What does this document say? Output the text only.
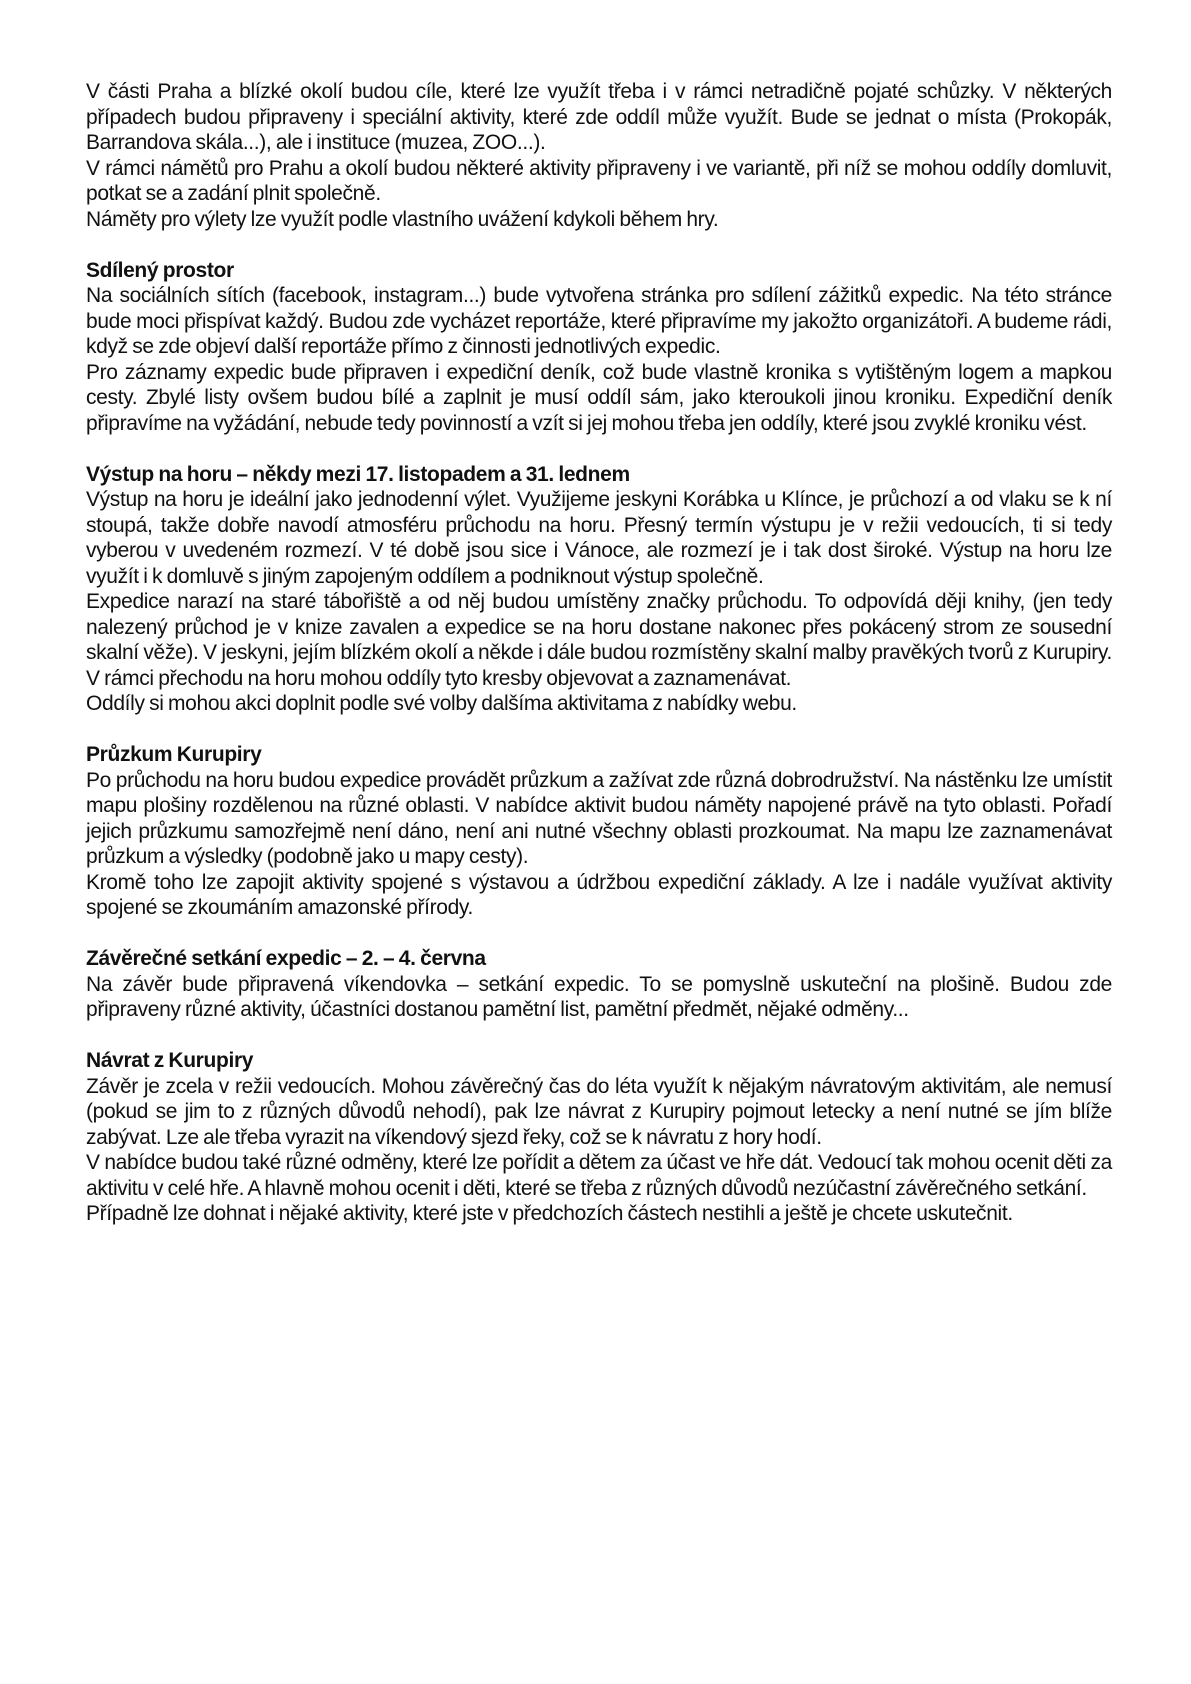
V části Praha a blízké okolí budou cíle, které lze využít třeba i v rámci netradičně pojaté schůzky. V některých případech budou připraveny i speciální aktivity, které zde oddíl může využít. Bude se jednat o místa (Prokopák, Barrandova skála...), ale i instituce (muzea, ZOO...).

V rámci námětů pro Prahu a okolí budou některé aktivity připraveny i ve variantě, při níž se mohou oddíly domluvit, potkat se a zadání plnit společně.

Náměty pro výlety lze využít podle vlastního uvážení kdykoli během hry.

Sdílený prostor

Na sociálních sítích (facebook, instagram...) bude vytvořena stránka pro sdílení zážitků expedic. Na této stránce bude moci přispívat každý. Budou zde vycházet reportáže, které připravíme my jakožto organizátoři. A budeme rádi, když se zde objeví další reportáže přímo z činnosti jednotlivých expedic.

Pro záznamy expedic bude připraven i expediční deník, což bude vlastně kronika s vytištěným logem a mapkou cesty. Zbylé listy ovšem budou bílé a zaplnit je musí oddíl sám, jako kteroukoli jinou kroniku. Expediční deník připravíme na vyžádání, nebude tedy povinností a vzít si jej mohou třeba jen oddíly, které jsou zvyklé kroniku vést.

Výstup na horu – někdy mezi 17. listopadem a 31. lednem

Výstup na horu je ideální jako jednodenní výlet. Využijeme jeskyni Korábka u Klínce, je průchozí a od vlaku se k ní stoupá, takže dobře navodí atmosféru průchodu na horu. Přesný termín výstupu je v režii vedoucích, ti si tedy vyberou v uvedeném rozmezí. V té době jsou sice i Vánoce, ale rozmezí je i tak dost široké. Výstup na horu lze využít i k domluvě s jiným zapojeným oddílem a podniknout výstup společně.

Expedice narazí na staré tábořiště a od něj budou umístěny značky průchodu. To odpovídá ději knihy, (jen tedy nalezený průchod je v knize zavalen a expedice se na horu dostane nakonec přes pokácený strom ze sousední skalní věže). V jeskyni, jejím blízkém okolí a někde i dále budou rozmístěny skalní malby pravěkých tvorů z Kurupiry. V rámci přechodu na horu mohou oddíly tyto kresby objevovat a zaznamenávat.

Oddíly si mohou akci doplnit podle své volby dalšíma aktivitama z nabídky webu.

Průzkum Kurupiry

Po průchodu na horu budou expedice provádět průzkum a zažívat zde různá dobrodružství. Na nástěnku lze umístit mapu plošiny rozdělenou na různé oblasti. V nabídce aktivit budou náměty napojené právě na tyto oblasti. Pořadí jejich průzkumu samozřejmě není dáno, není ani nutné všechny oblasti prozkoumat. Na mapu lze zaznamenávat průzkum a výsledky (podobně jako u mapy cesty).

Kromě toho lze zapojit aktivity spojené s výstavou a údržbou expediční základy. A lze i nadále využívat aktivity spojené se zkoumáním amazonské přírody.

Závěrečné setkání expedic – 2. – 4. června

Na závěr bude připravená víkendovka – setkání expedic. To se pomyslně uskuteční na plošině. Budou zde připraveny různé aktivity, účastníci dostanou pamětní list, pamětní předmět, nějaké odměny...

Návrat z Kurupiry

Závěr je zcela v režii vedoucích. Mohou závěrečný čas do léta využít k nějakým návratovým aktivitám, ale nemusí (pokud se jim to z různých důvodů nehodí), pak lze návrat z Kurupiry pojmout letecky a není nutné se jím blíže zabývat. Lze ale třeba vyrazit na víkendový sjezd řeky, což se k návratu z hory hodí.

V nabídce budou také různé odměny, které lze pořídit a dětem za účast ve hře dát. Vedoucí tak mohou ocenit děti za aktivitu v celé hře. A hlavně mohou ocenit i děti, které se třeba z různých důvodů nezúčastní závěrečného setkání.

Případně lze dohnat i nějaké aktivity, které jste v předchozích částech nestihli a ještě je chcete uskutečnit.
